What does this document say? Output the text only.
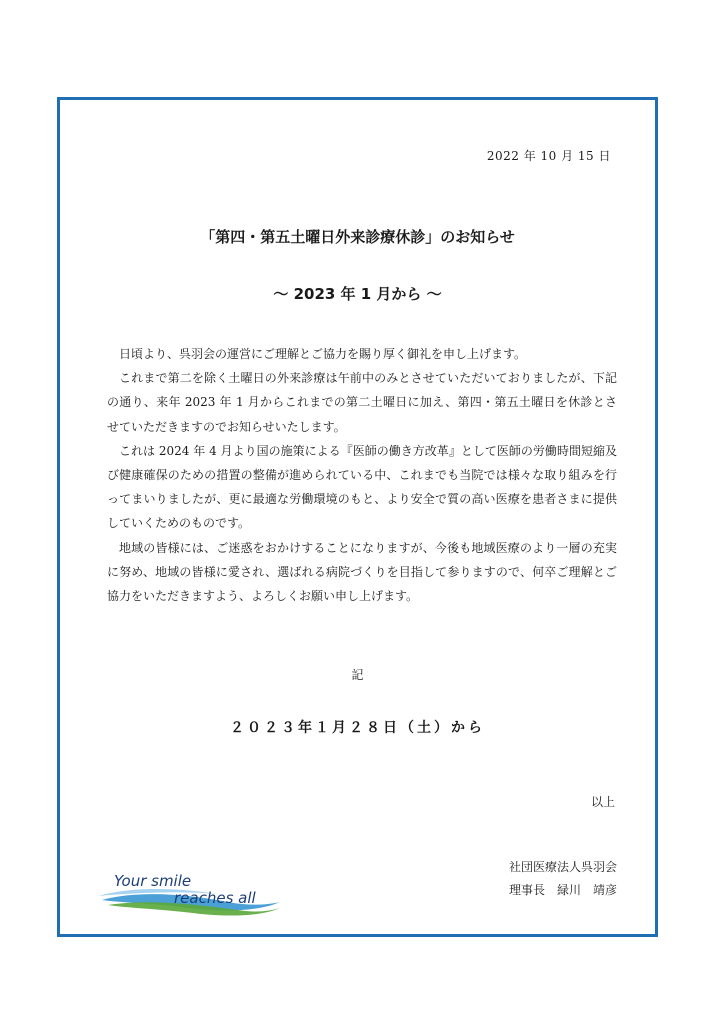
2022 年 10 月 15 日
「第四・第五土曜日外来診療休診」のお知らせ
～ 2023 年 1 月から ～

日頃より、呉羽会の運営にご理解とご協力を賜り厚く御礼を申し上げます。

これまで第二を除く土曜日の外来診療は午前中のみとさせていただいておりましたが、下記の通り、来年 2023 年 1 月からこれまでの第二土曜日に加え、第四・第五土曜日を休診とさせていただきますのでお知らせいたします。

これは 2024 年 4 月より国の施策による『医師の働き方改革』として医師の労働時間短縮及び健康確保のための措置の整備が進められている中、これまでも当院では様々な取り組みを行ってまいりましたが、更に最適な労働環境のもと、より安全で質の高い医療を患者さまに提供していくためのものです。

地域の皆様には、ご迷惑をおかけすることになりますが、今後も地域医療のより一層の充実に努め、地域の皆様に愛され、選ばれる病院づくりを目指して参りますので、何卒ご理解とご協力をいただきますよう、よろしくお願い申し上げます。

記
２０２３年１月２８日（土）から
以上
社団医療法人呉羽会
理事長　緑川　靖彦
Your smile
reaches all
